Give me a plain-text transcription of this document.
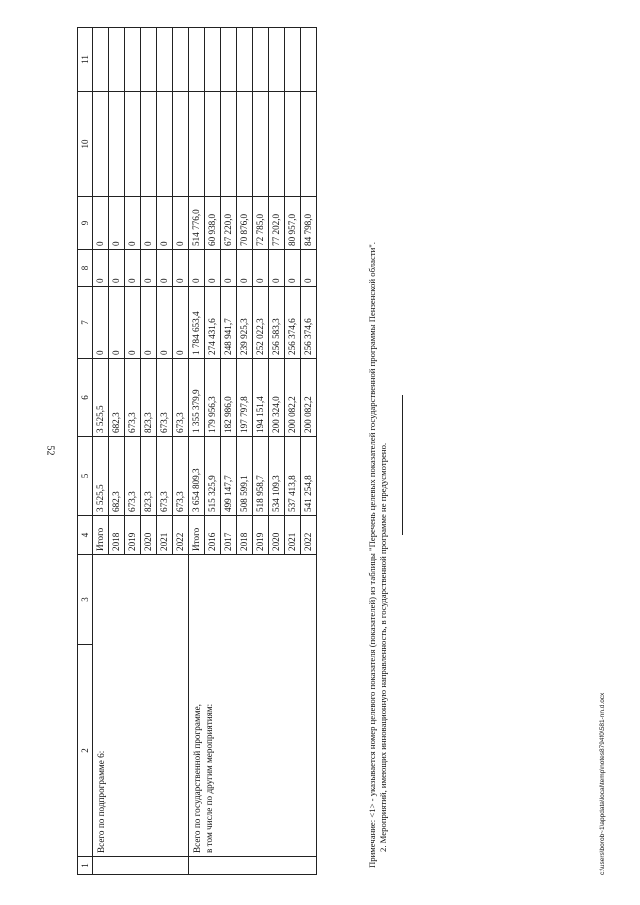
52
1	2	3	4	5	6	7	8	9	10	11

	Всего по подпрограмме 6:		Итого	3 525,5	3 525,5	0	0	0		
			2018	682,3	682,3	0	0	0		
			2019	673,3	673,3	0	0	0		
			2020	823,3	823,3	0	0	0		
			2021	673,3	673,3	0	0	0		
			2022	673,3	673,3	0	0	0		

	Всего по государственной программе, в том числе по другим мероприятиям:		Итого	3 654 809,3	1 355 379,9	1 784 653,4	0	514 776,0		
			2016	515 325,9	179 956,3	274 431,6	0	60 938,0		
			2017	499 147,7	182 986,0	248 941,7	0	67 220,0		
			2018	508 599,1	197 797,8	239 925,3	0	70 876,0		
			2019	518 958,7	194 151,4	252 022,3	0	72 785,0		
			2020	534 109,3	200 324,0	256 583,3	0	77 202,0		
			2021	537 413,8	200 082,2	256 374,6	0	80 957,0		
			2022	541 254,8	200 082,2	256 374,6	0	84 798,0		

Примечание: <1> - указывается номер целевого показателя (показателей) из таблицы "Перечень целевых показателей государственной программы Пензенской области". 2. Мероприятий, имеющих инновационную направленность, в государственной программе не предусмотрено.	c:\users\borob~1\appdata\local\temp\notes8794f0\581-nn.d.ocx
